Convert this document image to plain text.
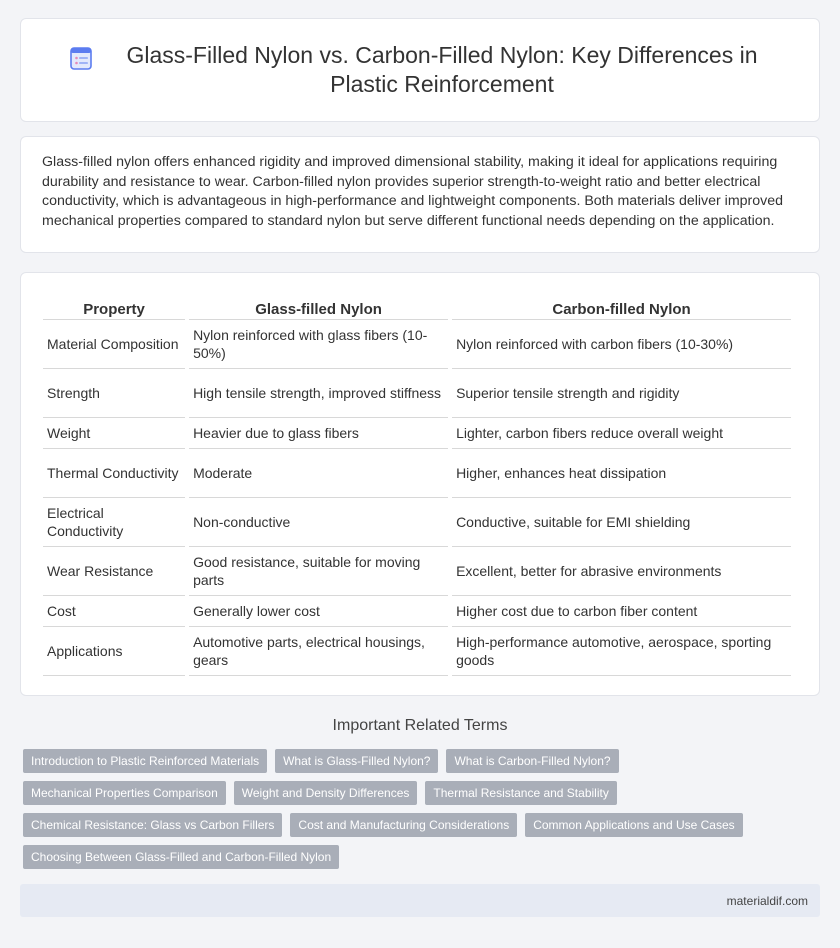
Glass-Filled Nylon vs. Carbon-Filled Nylon: Key Differences in Plastic Reinforcement

Glass-filled nylon offers enhanced rigidity and improved dimensional stability, making it ideal for applications requiring durability and resistance to wear. Carbon-filled nylon provides superior strength-to-weight ratio and better electrical conductivity, which is advantageous in high-performance and lightweight components. Both materials deliver improved mechanical properties compared to standard nylon but serve different functional needs depending on the application.

Property	Glass-filled Nylon	Carbon-filled Nylon
Material Composition	Nylon reinforced with glass fibers (10-50%)	Nylon reinforced with carbon fibers (10-30%)
Strength	High tensile strength, improved stiffness	Superior tensile strength and rigidity
Weight	Heavier due to glass fibers	Lighter, carbon fibers reduce overall weight
Thermal Conductivity	Moderate	Higher, enhances heat dissipation
Electrical Conductivity	Non-conductive	Conductive, suitable for EMI shielding
Wear Resistance	Good resistance, suitable for moving parts	Excellent, better for abrasive environments
Cost	Generally lower cost	Higher cost due to carbon fiber content
Applications	Automotive parts, electrical housings, gears	High-performance automotive, aerospace, sporting goods
Important Related Terms
Introduction to Plastic Reinforced Materials	What is Glass-Filled Nylon?	What is Carbon-Filled Nylon?
Mechanical Properties Comparison	Weight and Density Differences	Thermal Resistance and Stability
Chemical Resistance: Glass vs Carbon Fillers	Cost and Manufacturing Considerations	Common Applications and Use Cases
Choosing Between Glass-Filled and Carbon-Filled Nylon
materialdif.com
